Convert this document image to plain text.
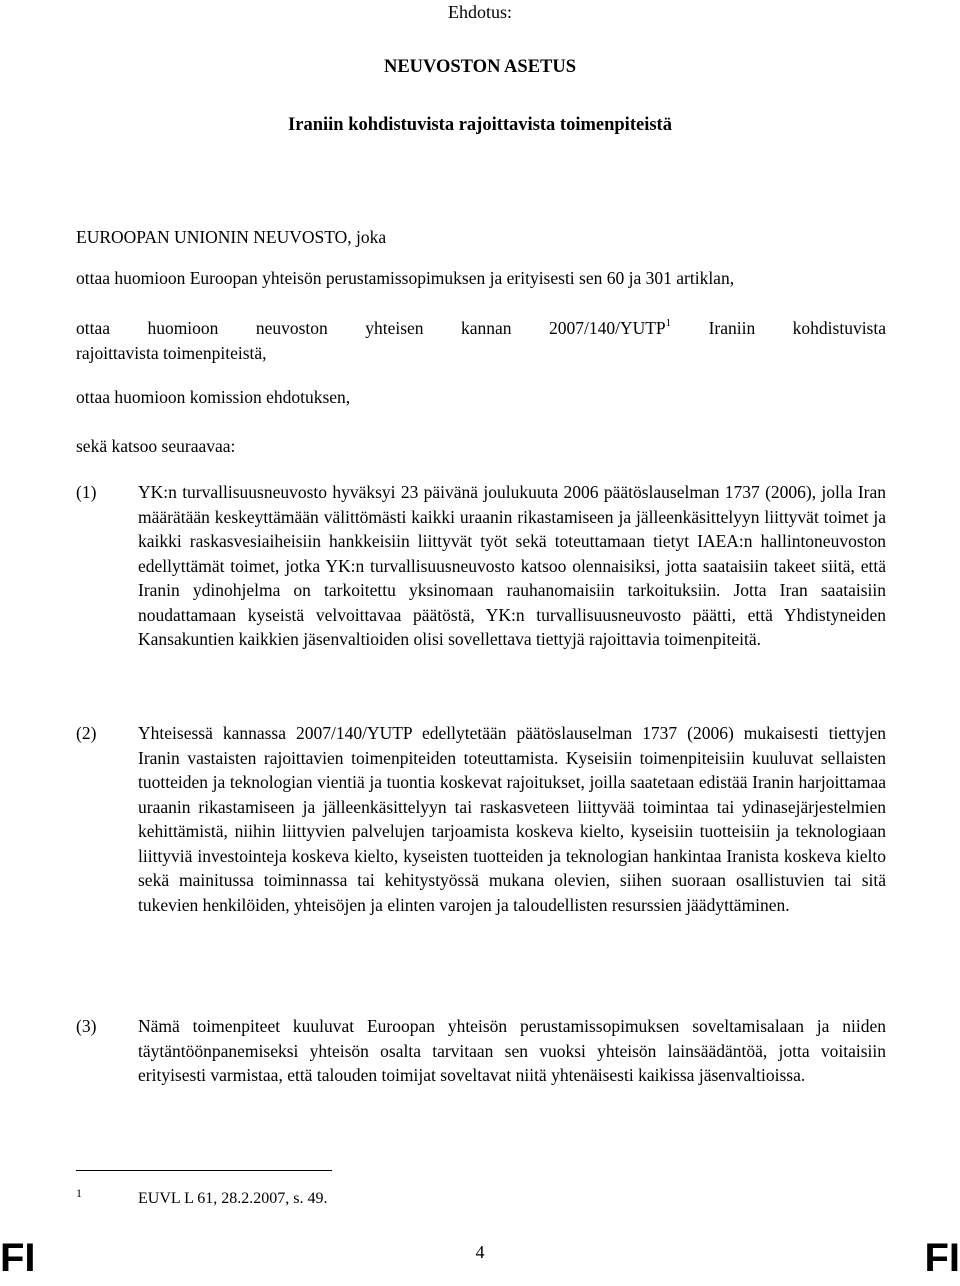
Ehdotus:
NEUVOSTON ASETUS
Iraniin kohdistuvista rajoittavista toimenpiteistä
EUROOPAN UNIONIN NEUVOSTO, joka
ottaa huomioon Euroopan yhteisön perustamissopimuksen ja erityisesti sen 60 ja 301 artiklan,
ottaa huomioon neuvoston yhteisen kannan 2007/140/YUTP$^1$ Iraniin kohdistuvista
rajoittavista toimenpiteistä,
ottaa huomioon komission ehdotuksen,
sekä katsoo seuraavaa:
(1) YK:n turvallisuusneuvosto hyväksyi 23 päivänä joulukuuta 2006 päätöslauselman 1737 (2006), jolla Iran määrätään keskeyttämään välittömästi kaikki uraanin rikastamiseen ja jälleenkäsittelyyn liittyvät toimet ja kaikki raskasvesiaiheisiin hankkeisiin liittyvät työt sekä toteuttamaan tietyt IAEA:n hallintoneuvoston edellyttämät toimet, jotka YK:n turvallisuusneuvosto katsoo olennaisiksi, jotta saataisiin takeet siitä, että Iranin ydinohjelma on tarkoitettu yksinomaan rauhanomaisiin tarkoituksiin. Jotta Iran saataisiin noudattamaan kyseistä velvoittavaa päätöstä, YK:n turvallisuusneuvosto päätti, että Yhdistyneiden Kansakuntien kaikkien jäsenvaltioiden olisi sovellettava tiettyjä rajoittavia toimenpiteitä.
(2) Yhteisessä kannassa 2007/140/YUTP edellytetään päätöslauselman 1737 (2006) mukaisesti tiettyjen Iranin vastaisten rajoittavien toimenpiteiden toteuttamista. Kyseisiin toimenpiteisiin kuuluvat sellaisten tuotteiden ja teknologian vientiä ja tuontia koskevat rajoitukset, joilla saatetaan edistää Iranin harjoittamaa uraanin rikastamiseen ja jälleenkäsittelyyn tai raskasveteen liittyvää toimintaa tai ydinasejärjestelmien kehittämistä, niihin liittyvien palvelujen tarjoamista koskeva kielto, kyseisiin tuotteisiin ja teknologiaan liittyviä investointeja koskeva kielto, kyseisten tuotteiden ja teknologian hankintaa Iranista koskeva kielto sekä mainitussa toiminnassa tai kehitystyössä mukana olevien, siihen suoraan osallistuvien tai sitä tukevien henkilöiden, yhteisöjen ja elinten varojen ja taloudellisten resurssien jäädyttäminen.
(3) Nämä toimenpiteet kuuluvat Euroopan yhteisön perustamissopimuksen soveltamisalaan ja niiden täytäntöönpanemiseksi yhteisön osalta tarvitaan sen vuoksi yhteisön lainsäädäntöä, jotta voitaisiin erityisesti varmistaa, että talouden toimijat soveltavat niitä yhtenäisesti kaikissa jäsenvaltioissa.
1	EUVL L 61, 28.2.2007, s. 49.
FI	4	FI
